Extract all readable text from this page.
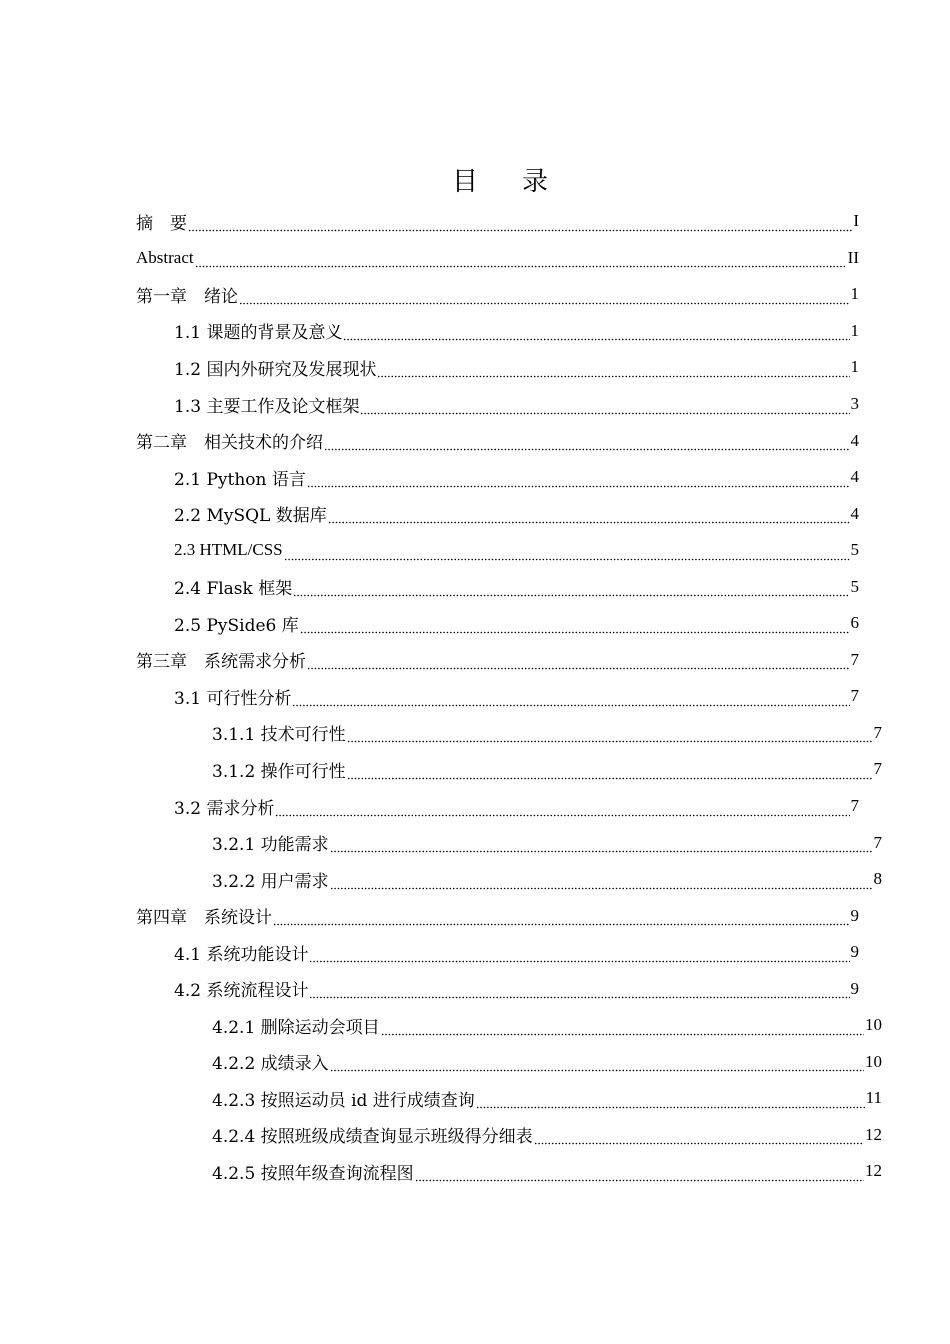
目 录
摘　要	I
Abstract	II
第一章　绪论	1
1.1 课题的背景及意义	1
1.2 国内外研究及发展现状	1
1.3 主要工作及论文框架	3
第二章　相关技术的介绍	4
2.1 Python 语言	4
2.2 MySQL 数据库	4
2.3 HTML/CSS	5
2.4 Flask 框架	5
2.5 PySide6 库	6
第三章　系统需求分析	7
3.1 可行性分析	7
3.1.1 技术可行性	7
3.1.2 操作可行性	7
3.2 需求分析	7
3.2.1 功能需求	7
3.2.2 用户需求	8
第四章　系统设计	9
4.1 系统功能设计	9
4.2 系统流程设计	9
4.2.1 删除运动会项目	10
4.2.2 成绩录入	10
4.2.3 按照运动员 id 进行成绩查询	11
4.2.4 按照班级成绩查询显示班级得分细表	12
4.2.5 按照年级查询流程图	12
